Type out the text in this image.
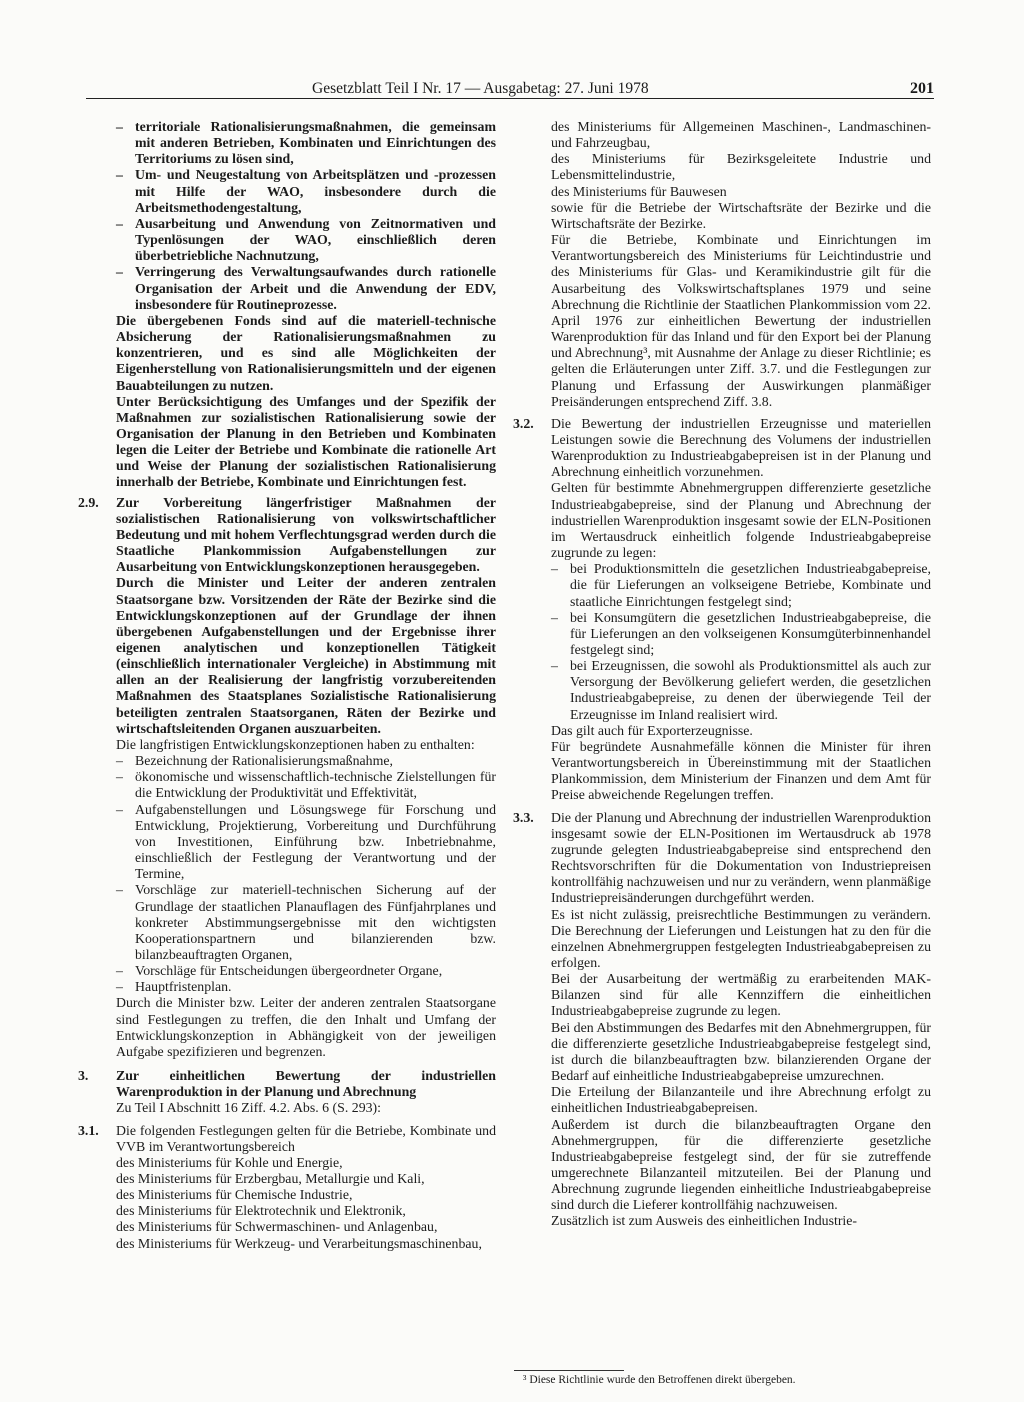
Gesetzblatt Teil I Nr. 17 — Ausgabetag: 27. Juni 1978	201
– territoriale Rationalisierungsmaßnahmen, die gemeinsam mit anderen Betrieben, Kombinaten und Einrichtungen des Territoriums zu lösen sind,
– Um- und Neugestaltung von Arbeitsplätzen und -prozessen mit Hilfe der WAO, insbesondere durch die Arbeitsmethodengestaltung,
– Ausarbeitung und Anwendung von Zeitnormativen und Typenlösungen der WAO, einschließlich deren überbetriebliche Nachnutzung,
– Verringerung des Verwaltungsaufwandes durch rationelle Organisation der Arbeit und die Anwendung der EDV, insbesondere für Routineprozesse.

Die übergebenen Fonds sind auf die materiell-technische Absicherung der Rationalisierungsmaßnahmen zu konzentrieren, und es sind alle Möglichkeiten der Eigenherstellung von Rationalisierungsmitteln und der eigenen Bauabteilungen zu nutzen.

Unter Berücksichtigung des Umfanges und der Spezifik der Maßnahmen zur sozialistischen Rationalisierung sowie der Organisation der Planung in den Betrieben und Kombinaten legen die Leiter der Betriebe und Kombinate die rationelle Art und Weise der Planung der sozialistischen Rationalisierung innerhalb der Betriebe, Kombinate und Einrichtungen fest.

2.9. Zur Vorbereitung längerfristiger Maßnahmen der sozialistischen Rationalisierung von volkswirtschaftlicher Bedeutung und mit hohem Verflechtungsgrad werden durch die Staatliche Plankommission Aufgabenstellungen zur Ausarbeitung von Entwicklungskonzeptionen herausgegeben.

Durch die Minister und Leiter der anderen zentralen Staatsorgane bzw. Vorsitzenden der Räte der Bezirke sind die Entwicklungskonzeptionen auf der Grundlage der ihnen übergebenen Aufgabenstellungen und der Ergebnisse ihrer eigenen analytischen und konzeptionellen Tätigkeit (einschließlich internationaler Vergleiche) in Abstimmung mit allen an der Realisierung der langfristig vorzubereitenden Maßnahmen des Staatsplanes Sozialistische Rationalisierung beteiligten zentralen Staatsorganen, Räten der Bezirke und wirtschaftsleitenden Organen auszuarbeiten.

Die langfristigen Entwicklungskonzeptionen haben zu enthalten:

– Bezeichnung der Rationalisierungsmaßnahme,
– ökonomische und wissenschaftlich-technische Zielstellungen für die Entwicklung der Produktivität und Effektivität,
– Aufgabenstellungen und Lösungswege für Forschung und Entwicklung, Projektierung, Vorbereitung und Durchführung von Investitionen, Einführung bzw. Inbetriebnahme, einschließlich der Festlegung der Verantwortung und der Termine,
– Vorschläge zur materiell-technischen Sicherung auf der Grundlage der staatlichen Planauflagen des Fünfjahrplanes und konkreter Abstimmungsergebnisse mit den wichtigsten Kooperationspartnern und bilanzierenden bzw. bilanzbeauftragten Organen,
– Vorschläge für Entscheidungen übergeordneter Organe,
– Hauptfristenplan.

Durch die Minister bzw. Leiter der anderen zentralen Staatsorgane sind Festlegungen zu treffen, die den Inhalt und Umfang der Entwicklungskonzeption in Abhängigkeit von der jeweiligen Aufgabe spezifizieren und begrenzen.

3. Zur einheitlichen Bewertung der industriellen Warenproduktion in der Planung und Abrechnung

Zu Teil I Abschnitt 16 Ziff. 4.2. Abs. 6 (S. 293):

3.1. Die folgenden Festlegungen gelten für die Betriebe, Kombinate und VVB im Verantwortungsbereich
des Ministeriums für Kohle und Energie,
des Ministeriums für Erzbergbau, Metallurgie und Kali,
des Ministeriums für Chemische Industrie,
des Ministeriums für Elektrotechnik und Elektronik,
des Ministeriums für Schwermaschinen- und Anlagenbau,
des Ministeriums für Werkzeug- und Verarbeitungsmaschinenbau,
des Ministeriums für Allgemeinen Maschinen-, Landmaschinen- und Fahrzeugbau,
des Ministeriums für Bezirksgeleitete Industrie und Lebensmittelindustrie,
des Ministeriums für Bauwesen
sowie für die Betriebe der Wirtschaftsräte der Bezirke und die Wirtschaftsräte der Bezirke.

Für die Betriebe, Kombinate und Einrichtungen im Verantwortungsbereich des Ministeriums für Leichtindustrie und des Ministeriums für Glas- und Keramikindustrie gilt für die Ausarbeitung des Volkswirtschaftsplanes 1979 und seine Abrechnung die Richtlinie der Staatlichen Plankommission vom 22. April 1976 zur einheitlichen Bewertung der industriellen Warenproduktion für das Inland und für den Export bei der Planung und Abrechnung³, mit Ausnahme der Anlage zu dieser Richtlinie; es gelten die Erläuterungen unter Ziff. 3.7. und die Festlegungen zur Planung und Erfassung der Auswirkungen planmäßiger Preisänderungen entsprechend Ziff. 3.8.

3.2. Die Bewertung der industriellen Erzeugnisse und materiellen Leistungen sowie die Berechnung des Volumens der industriellen Warenproduktion zu Industrieabgabepreisen ist in der Planung und Abrechnung einheitlich vorzunehmen.

Gelten für bestimmte Abnehmergruppen differenzierte gesetzliche Industrieabgabepreise, sind der Planung und Abrechnung der industriellen Warenproduktion insgesamt sowie der ELN-Positionen im Wertausdruck einheitlich folgende Industrieabgabepreise zugrunde zu legen:

– bei Produktionsmitteln die gesetzlichen Industrieabgabepreise, die für Lieferungen an volkseigene Betriebe, Kombinate und staatliche Einrichtungen festgelegt sind;
– bei Konsumgütern die gesetzlichen Industrieabgabepreise, die für Lieferungen an den volkseigenen Konsumgüterbinnenhandel festgelegt sind;
– bei Erzeugnissen, die sowohl als Produktionsmittel als auch zur Versorgung der Bevölkerung geliefert werden, die gesetzlichen Industrieabgabepreise, zu denen der überwiegende Teil der Erzeugnisse im Inland realisiert wird.

Das gilt auch für Exporterzeugnisse.

Für begründete Ausnahmefälle können die Minister für ihren Verantwortungsbereich in Übereinstimmung mit der Staatlichen Plankommission, dem Ministerium der Finanzen und dem Amt für Preise abweichende Regelungen treffen.

3.3. Die der Planung und Abrechnung der industriellen Warenproduktion insgesamt sowie der ELN-Positionen im Wertausdruck ab 1978 zugrunde gelegten Industrieabgabepreise sind entsprechend den Rechtsvorschriften für die Dokumentation von Industriepreisen kontrollfähig nachzuweisen und nur zu verändern, wenn planmäßige Industriepreisänderungen durchgeführt werden.

Es ist nicht zulässig, preisrechtliche Bestimmungen zu verändern. Die Berechnung der Lieferungen und Leistungen hat zu den für die einzelnen Abnehmergruppen festgelegten Industrieabgabepreisen zu erfolgen.

Bei der Ausarbeitung der wertmäßig zu erarbeitenden MAK-Bilanzen sind für alle Kennziffern die einheitlichen Industrieabgabepreise zugrunde zu legen.

Bei den Abstimmungen des Bedarfes mit den Abnehmergruppen, für die differenzierte gesetzliche Industrieabgabepreise festgelegt sind, ist durch die bilanzbeauftragten bzw. bilanzierenden Organe der Bedarf auf einheitliche Industrieabgabepreise umzurechnen.

Die Erteilung der Bilanzanteile und ihre Abrechnung erfolgt zu einheitlichen Industrieabgabepreisen.

Außerdem ist durch die bilanzbeauftragten Organe den Abnehmergruppen, für die differenzierte gesetzliche Industrieabgabepreise festgelegt sind, der für sie zutreffende umgerechnete Bilanzanteil mitzuteilen. Bei der Planung und Abrechnung zugrunde liegenden einheitliche Industrieabgabepreise sind durch die Lieferer kontrollfähig nachzuweisen.

Zusätzlich ist zum Ausweis des einheitlichen Industrie-

³ Diese Richtlinie wurde den Betroffenen direkt übergeben.
